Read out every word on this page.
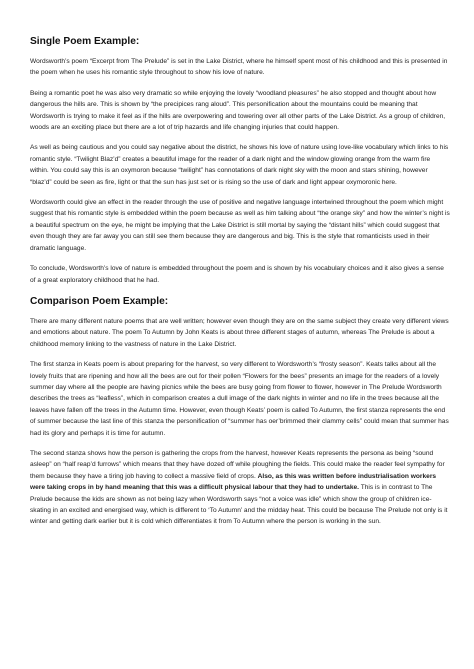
Single Poem Example:

Wordsworth’s poem “Excerpt from The Prelude” is set in the Lake District, where he himself spent most of his childhood and this is presented in the poem when he uses his romantic style throughout to show his love of nature.

Being a romantic poet he was also very dramatic so while enjoying the lovely “woodland pleasures” he also stopped and thought about how dangerous the hills are. This is shown by “the precipices rang aloud”. This personification about the mountains could be meaning that Wordsworth is trying to make it feel as if the hills are overpowering and towering over all other parts of the Lake District. As a group of children, woods are an exciting place but there are a lot of trip hazards and life changing injuries that could happen.

As well as being cautious and you could say negative about the district, he shows his love of nature using love-like vocabulary which links to his romantic style. “Twilight Blaz’d” creates a beautiful image for the reader of a dark night and the window glowing orange from the warm fire within. You could say this is an oxymoron because “twilight” has connotations of dark night sky with the moon and stars shining, however “blaz’d” could be seen as fire, light or that the sun has just set or is rising so the use of dark and light appear oxymoronic here.

Wordsworth could give an effect in the reader through the use of positive and negative language intertwined throughout the poem which might suggest that his romantic style is embedded within the poem because as well as him talking about “the orange sky” and how the winter’s night is a beautiful spectrum on the eye, he might be implying that the Lake District is still mortal by saying the “distant hills” which could suggest that even though they are far away you can still see them because they are dangerous and big. This is the style that romanticists used in their dramatic language.

To conclude, Wordsworth’s love of nature is embedded throughout the poem and is shown by his vocabulary choices and it also gives a sense of a great exploratory childhood that he had.

Comparison Poem Example:

There are many different nature poems that are well written; however even though they are on the same subject they create very different views and emotions about nature. The poem To Autumn by John Keats is about three different stages of autumn, whereas The Prelude is about a childhood memory linking to the vastness of nature in the Lake District.

The first stanza in Keats poem is about preparing for the harvest, so very different to Wordsworth’s “frosty season”. Keats talks about all the lovely fruits that are ripening and how all the bees are out for their pollen “Flowers for the bees” presents an image for the readers of a lovely summer day where all the people are having picnics while the bees are busy going from flower to flower, however in The Prelude Wordsworth describes the trees as “leafless”, which in comparison creates a dull image of the dark nights in winter and no life in the trees because all the leaves have fallen off the trees in the Autumn time. However, even though Keats’ poem is called To Autumn, the first stanza represents the end of summer because the last line of this stanza the personification of “summer has oer’brimmed their clammy cells” could mean that summer has had its glory and perhaps it is time for autumn.

The second stanza shows how the person is gathering the crops from the harvest, however Keats represents the persona as being “sound asleep” on “half reap’d furrows” which means that they have dozed off while ploughing the fields. This could make the reader feel sympathy for them because they have a tiring job having to collect a massive field of crops. Also, as this was written before industrialisation workers were taking crops in by hand meaning that this was a difficult physical labour that they had to undertake. This is in contrast to The Prelude because the kids are shown as not being lazy when Wordsworth says “not a voice was idle” which show the group of children ice-skating in an excited and energised way, which is different to ‘To Autumn’ and the midday heat. This could be because The Prelude not only is it winter and getting dark earlier but it is cold which differentiates it from To Autumn where the person is working in the sun.
